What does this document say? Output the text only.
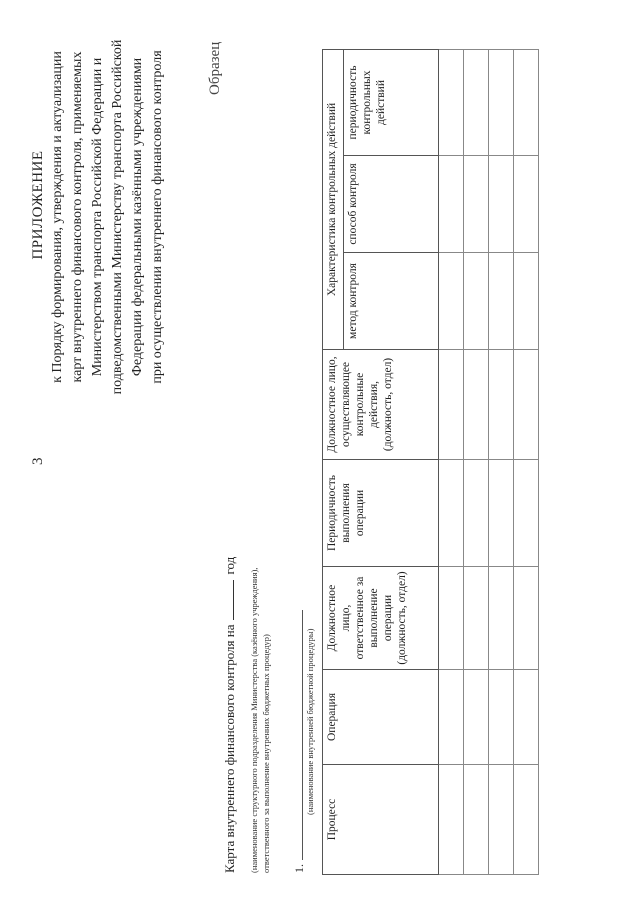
3
ПРИЛОЖЕНИЕ к Порядку формирования, утверждения и актуализации карт внутреннего финансового контроля, применяемых Министерством транспорта Российской Федерации и подведомственными Министерству транспорта Российской Федерации федеральными казёнными учреждениями при осуществлении внутреннего финансового контроля	Образец
Карта внутреннего финансового контроля нагод
(наименование структурного подразделения Министерства (казённого учреждения), ответственного за выполнение внутренних бюджетных процедур) 1.
(наименование внутренней бюджетной процедуры)
Процесс	Операция	Должностное лицо, ответственное за выполнение операции (должность, отдел)	Периодичность выполнения операции	Должностное лицо, осуществляющее контрольные действия, (должность, отдел)	Характеристика контрольных действий		
					метод контроля	способ контроля	периодичность контрольных действий
